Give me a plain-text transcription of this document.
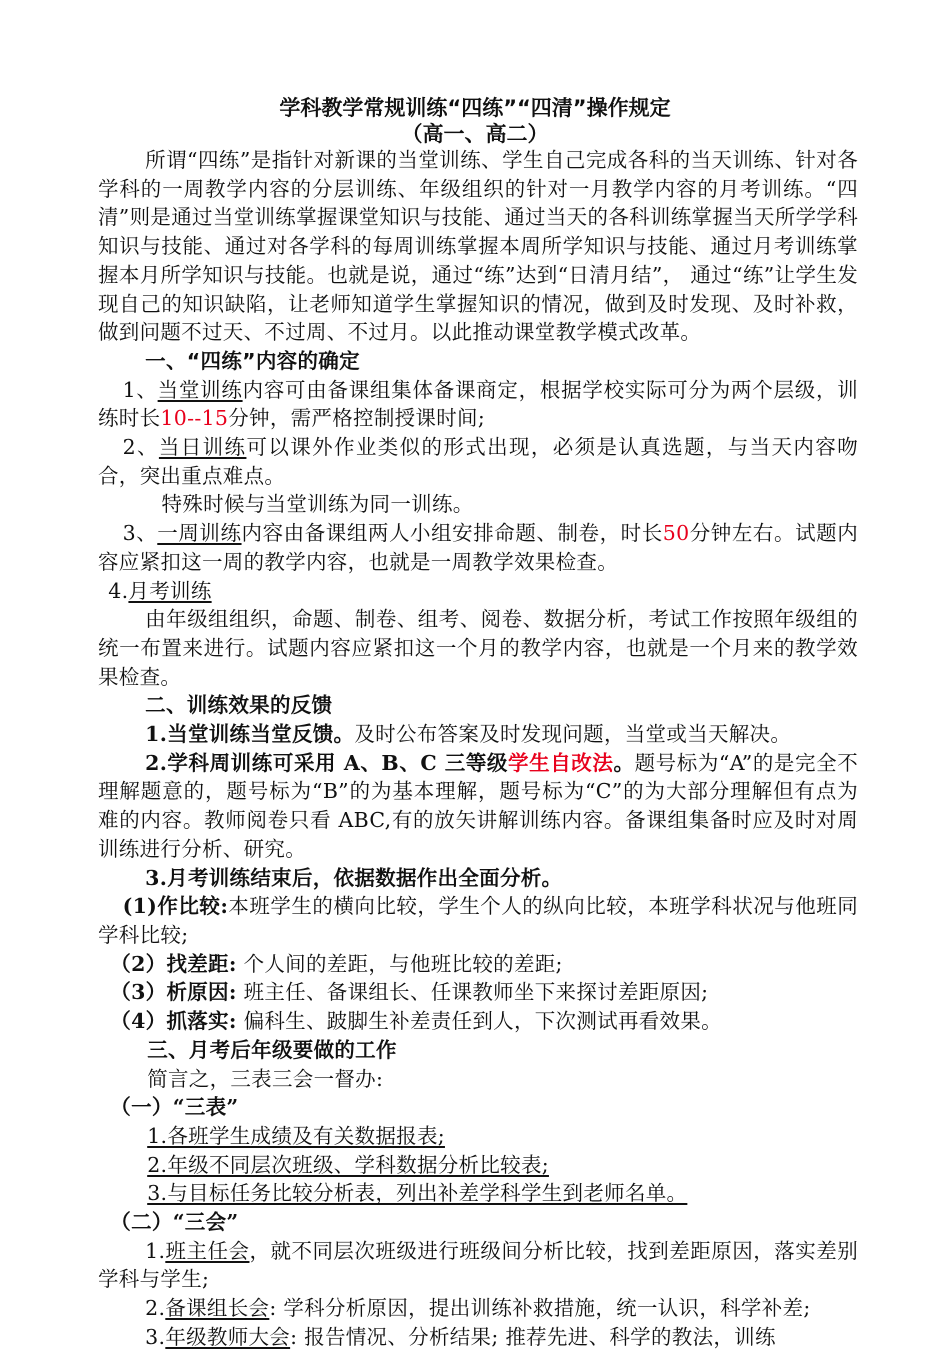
学科教学常规训练“四练”“四清”操作规定
（高一、高二）

所谓“四练”是指针对新课的当堂训练、学生自己完成各科的当天训练、针对各学科的一周教学内容的分层训练、年级组织的针对一月教学内容的月考训练。“四清”则是通过当堂训练掌握课堂知识与技能、通过当天的各科训练掌握当天所学学科知识与技能、通过对各学科的每周训练掌握本周所学知识与技能、通过月考训练掌握本月所学知识与技能。也就是说，通过“练”达到“日清月结”， 通过“练”让学生发现自己的知识缺陷，让老师知道学生掌握知识的情况，做到及时发现、及时补救，做到问题不过天、不过周、不过月。以此推动课堂教学模式改革。

一、“四练”内容的确定

1、当堂训练内容可由备课组集体备课商定，根据学校实际可分为两个层级，训练时长10--15分钟，需严格控制授课时间;

2、当日训练可以课外作业类似的形式出现，必须是认真选题，与当天内容吻合，突出重点难点。

特殊时候与当堂训练为同一训练。

3、一周训练内容由备课组两人小组安排命题、制卷，时长50分钟左右。试题内容应紧扣这一周的教学内容，也就是一周教学效果检查。

4.月考训练

由年级组组织，命题、制卷、组考、阅卷、数据分析，考试工作按照年级组的统一布置来进行。试题内容应紧扣这一个月的教学内容，也就是一个月来的教学效果检查。

二、训练效果的反馈

1.当堂训练当堂反馈。及时公布答案及时发现问题，当堂或当天解决。

2.学科周训练可采用 A、B、C 三等级学生自改法。题号标为“A”的是完全不理解题意的，题号标为“B”的为基本理解，题号标为“C”的为大部分理解但有点为难的内容。教师阅卷只看 ABC,有的放矢讲解训练内容。备课组集备时应及时对周训练进行分析、研究。

3.月考训练结束后，依据数据作出全面分析。

(1)作比较:本班学生的横向比较，学生个人的纵向比较，本班学科状况与他班同学科比较;

（2）找差距: 个人间的差距，与他班比较的差距;

（3）析原因: 班主任、备课组长、任课教师坐下来探讨差距原因;

（4）抓落实: 偏科生、跛脚生补差责任到人，下次测试再看效果。

三、月考后年级要做的工作

简言之，三表三会一督办:

（一）“三表”

1.各班学生成绩及有关数据报表;

2.年级不同层次班级、学科数据分析比较表;

3.与目标任务比较分析表，列出补差学科学生到老师名单。

（二）“三会”

1.班主任会，就不同层次班级进行班级间分析比较，找到差距原因，落实差别学科与学生;

2.备课组长会: 学科分析原因，提出训练补救措施，统一认识，科学补差;

3.年级教师大会: 报告情况、分析结果; 推荐先进、科学的教法，训练
